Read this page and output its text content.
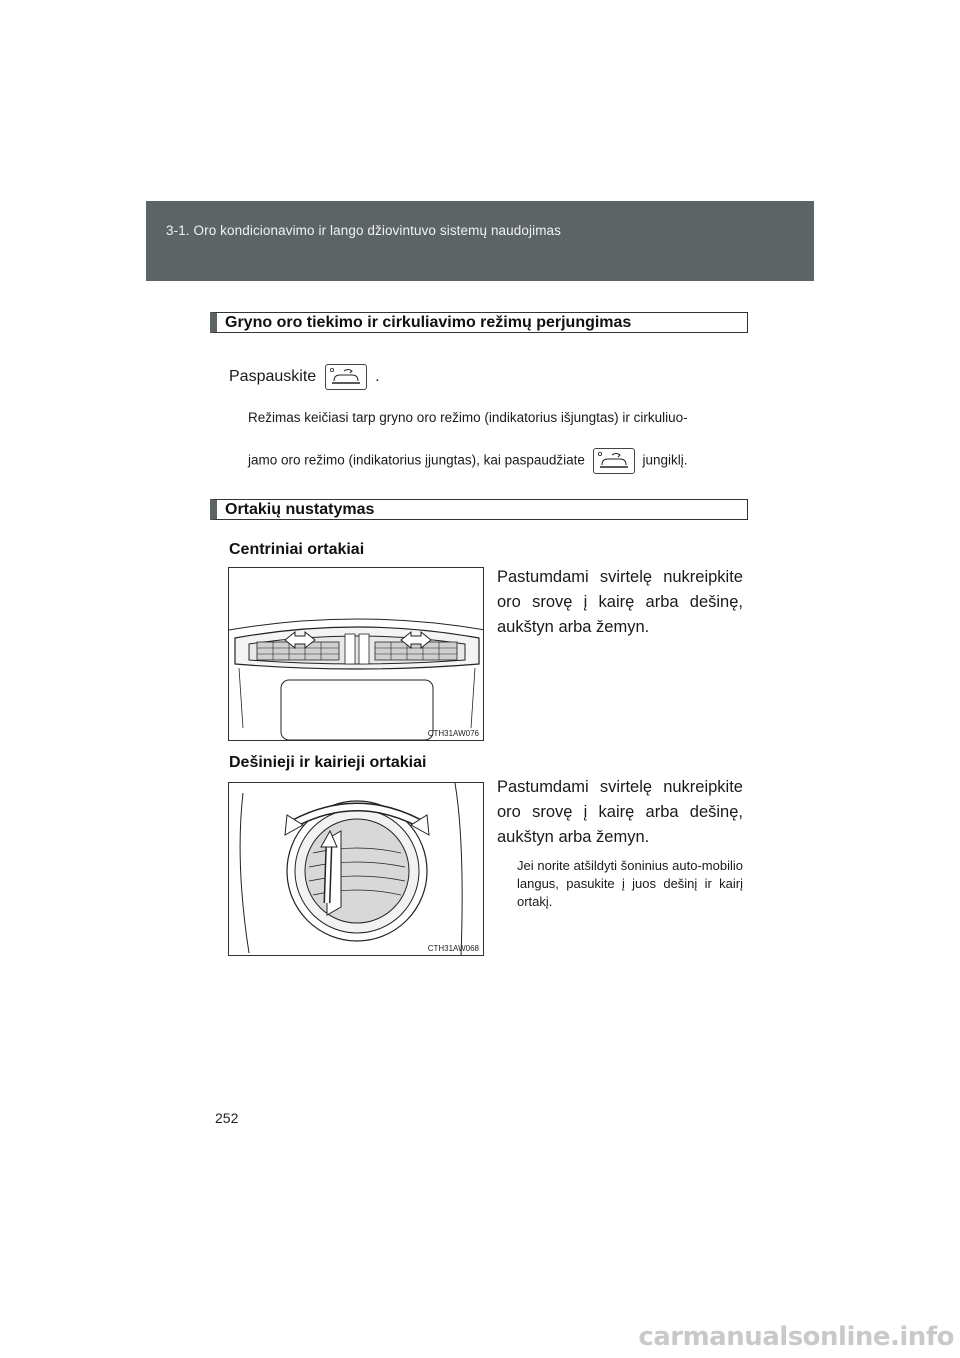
3-1. Oro kondicionavimo ir lango džiovintuvo sistemų naudojimas
Gryno oro tiekimo ir cirkuliavimo režimų perjungimas
Paspauskite	.
Režimas keičiasi tarp gryno oro režimo (indikatorius išjungtas) ir cirkuliuo-
jamo oro režimo (indikatorius įjungtas), kai paspaudžiate	jungiklį.
Ortakių nustatymas
Centriniai ortakiai
CTH31AW076
Pastumdami svirtelę nukreipkite oro srovę į kairę arba dešinę, aukštyn arba žemyn.
Dešinieji ir kairieji ortakiai
CTH31AW068
Pastumdami svirtelę nukreipkite oro srovę į kairę arba dešinę, aukštyn arba žemyn.
Jei norite atšildyti šoninius auto-mobilio langus, pasukite į juos dešinį ir kairį ortakį.
252
carmanualsonline.info
